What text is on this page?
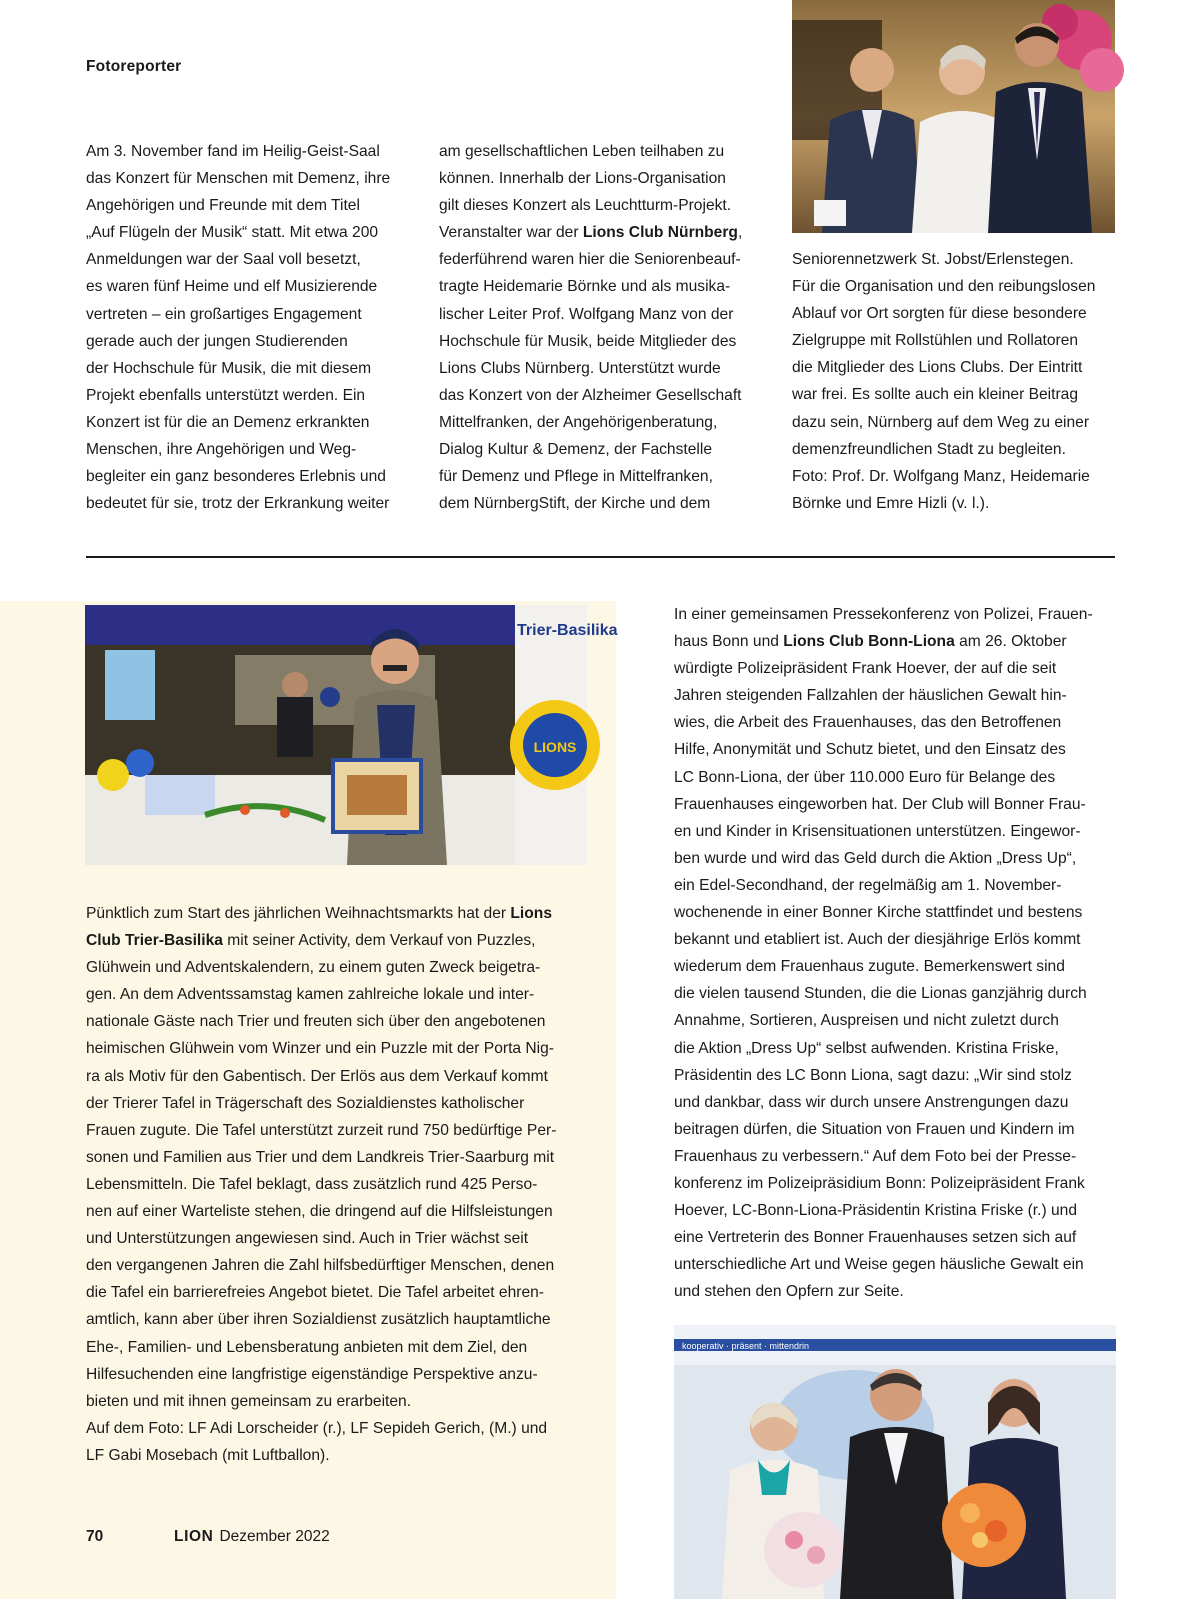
Fotoreporter

Am 3. November fand im Heilig-Geist-Saal

das Konzert für Menschen mit Demenz, ihre

Angehörigen und Freunde mit dem Titel

„Auf Flügeln der Musik“ statt. Mit etwa 200

Anmeldungen war der Saal voll besetzt,

es waren fünf Heime und elf Musizierende

vertreten – ein großartiges Engagement

gerade auch der jungen Studierenden

der Hochschule für Musik, die mit diesem

Projekt ebenfalls unterstützt werden. Ein

Konzert ist für die an Demenz erkrankten

Menschen, ihre Angehörigen und Weg-

begleiter ein ganz besonderes Erlebnis und

bedeutet für sie, trotz der Erkrankung weiter

am gesellschaftlichen Leben teilhaben zu

können. Innerhalb der Lions-Organisation

gilt dieses Konzert als Leuchtturm-Projekt.

Veranstalter war der Lions Club Nürnberg,

federführend waren hier die Seniorenbeauf-

tragte Heidemarie Börnke und als musika-

lischer Leiter Prof. Wolfgang Manz von der

Hochschule für Musik, beide Mitglieder des

Lions Clubs Nürnberg. Unterstützt wurde

das Konzert von der Alzheimer Gesellschaft

Mittelfranken, der Angehörigenberatung,

Dialog Kultur & Demenz, der Fachstelle

für Demenz und Pflege in Mittelfranken,

dem NürnbergStift, der Kirche und dem

Seniorennetzwerk St. Jobst/Erlenstegen.

Für die Organisation und den reibungslosen

Ablauf vor Ort sorgten für diese besondere

Zielgruppe mit Rollstühlen und Rollatoren

die Mitglieder des Lions Clubs. Der Eintritt

war frei. Es sollte auch ein kleiner Beitrag

dazu sein, Nürnberg auf dem Weg zu einer

demenzfreundlichen Stadt zu begleiten.

Foto: Prof. Dr. Wolfgang Manz, Heidemarie

Börnke und Emre Hizli (v. l.).

Trier-Basilika
LIONS

Pünktlich zum Start des jährlichen Weihnachtsmarkts hat der Lions

Club Trier-Basilika mit seiner Activity, dem Verkauf von Puzzles,

Glühwein und Adventskalendern, zu einem guten Zweck beigetra-

gen. An dem Adventssamstag kamen zahlreiche lokale und inter-

nationale Gäste nach Trier und freuten sich über den angebotenen

heimischen Glühwein vom Winzer und ein Puzzle mit der Porta Nig-

ra als Motiv für den Gabentisch. Der Erlös aus dem Verkauf kommt

der Trierer Tafel in Trägerschaft des Sozialdienstes katholischer

Frauen zugute. Die Tafel unterstützt zurzeit rund 750 bedürftige Per-

sonen und Familien aus Trier und dem Landkreis Trier-Saarburg mit

Lebensmitteln. Die Tafel beklagt, dass zusätzlich rund 425 Perso-

nen auf einer Warteliste stehen, die dringend auf die Hilfsleistungen

und Unterstützungen angewiesen sind. Auch in Trier wächst seit

den vergangenen Jahren die Zahl hilfsbedürftiger Menschen, denen

die Tafel ein barrierefreies Angebot bietet. Die Tafel arbeitet ehren-

amtlich, kann aber über ihren Sozialdienst zusätzlich hauptamtliche

Ehe-, Familien- und Lebensberatung anbieten mit dem Ziel, den

Hilfesuchenden eine langfristige eigenständige Perspektive anzu-

bieten und mit ihnen gemeinsam zu erarbeiten.

Auf dem Foto: LF Adi Lorscheider (r.), LF Sepideh Gerich, (M.) und

LF Gabi Mosebach (mit Luftballon).

In einer gemeinsamen Pressekonferenz von Polizei, Frauen-

haus Bonn und Lions Club Bonn-Liona am 26. Oktober

würdigte Polizeipräsident Frank Hoever, der auf die seit

Jahren steigenden Fallzahlen der häuslichen Gewalt hin-

wies, die Arbeit des Frauenhauses, das den Betroffenen

Hilfe, Anonymität und Schutz bietet, und den Einsatz des

LC Bonn-Liona, der über 110.000 Euro für Belange des

Frauenhauses eingeworben hat. Der Club will Bonner Frau-

en und Kinder in Krisensituationen unterstützen. Eingewor-

ben wurde und wird das Geld durch die Aktion „Dress Up“,

ein Edel-Secondhand, der regelmäßig am 1. November-

wochenende in einer Bonner Kirche stattfindet und bestens

bekannt und etabliert ist. Auch der diesjährige Erlös kommt

wiederum dem Frauenhaus zugute. Bemerkenswert sind

die vielen tausend Stunden, die die Lionas ganzjährig durch

Annahme, Sortieren, Auspreisen und nicht zuletzt durch

die Aktion „Dress Up“ selbst aufwenden. Kristina Friske,

Präsidentin des LC Bonn Liona, sagt dazu: „Wir sind stolz

und dankbar, dass wir durch unsere Anstrengungen dazu

beitragen dürfen, die Situation von Frauen und Kindern im

Frauenhaus zu verbessern.“ Auf dem Foto bei der Presse-

konferenz im Polizeipräsidium Bonn: Polizeipräsident Frank

Hoever, LC-Bonn-Liona-Präsidentin Kristina Friske (r.) und

eine Vertreterin des Bonner Frauenhauses setzen sich auf

unterschiedliche Art und Weise gegen häusliche Gewalt ein

und stehen den Opfern zur Seite.

kooperativ · präsent · mittendrin
70	LION Dezember 2022
